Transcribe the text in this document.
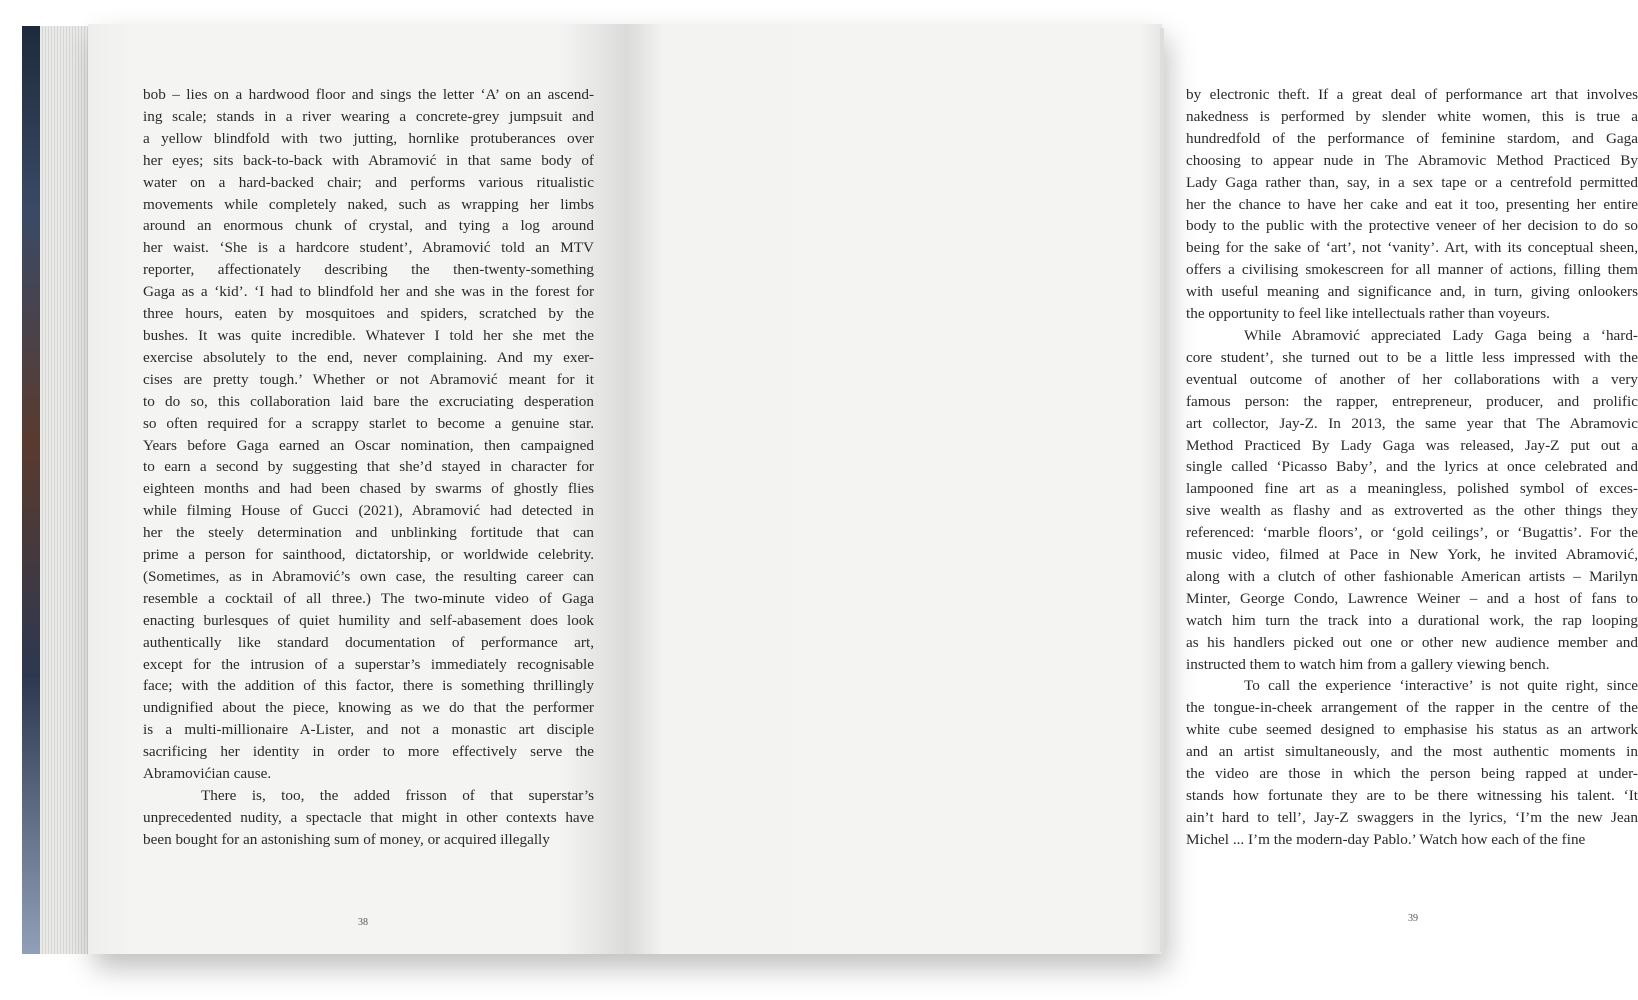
bob – lies on a hardwood floor and sings the letter ‘A’ on an ascend-
ing scale; stands in a river wearing a concrete-grey jumpsuit and
a yellow blindfold with two jutting, hornlike protuberances over
her eyes; sits back-to-back with Abramović in that same body of
water on a hard-backed chair; and performs various ritualistic
movements while completely naked, such as wrapping her limbs
around an enormous chunk of crystal, and tying a log around
her waist. ‘She is a hardcore student’, Abramović told an MTV
reporter, affectionately describing the then-twenty-something
Gaga as a ‘kid’. ‘I had to blindfold her and she was in the forest for
three hours, eaten by mosquitoes and spiders, scratched by the
bushes. It was quite incredible. Whatever I told her she met the
exercise absolutely to the end, never complaining. And my exer-
cises are pretty tough.’ Whether or not Abramović meant for it
to do so, this collaboration laid bare the excruciating desperation
so often required for a scrappy starlet to become a genuine star.
Years before Gaga earned an Oscar nomination, then campaigned
to earn a second by suggesting that she’d stayed in character for
eighteen months and had been chased by swarms of ghostly flies
while filming House of Gucci (2021), Abramović had detected in
her the steely determination and unblinking fortitude that can
prime a person for sainthood, dictatorship, or worldwide celebrity.
(Sometimes, as in Abramović’s own case, the resulting career can
resemble a cocktail of all three.) The two-minute video of Gaga
enacting burlesques of quiet humility and self-abasement does look
authentically like standard documentation of performance art,
except for the intrusion of a superstar’s immediately recognisable
face; with the addition of this factor, there is something thrillingly
undignified about the piece, knowing as we do that the performer
is a multi-millionaire A-Lister, and not a monastic art disciple
sacrificing her identity in order to more effectively serve the
Abramovićian cause.

There is, too, the added frisson of that superstar’s
unprecedented nudity, a spectacle that might in other contexts have
been bought for an astonishing sum of money, or acquired illegally

38

by electronic theft. If a great deal of performance art that involves
nakedness is performed by slender white women, this is true a
hundredfold of the performance of feminine stardom, and Gaga
choosing to appear nude in The Abramovic Method Practiced By
Lady Gaga rather than, say, in a sex tape or a centrefold permitted
her the chance to have her cake and eat it too, presenting her entire
body to the public with the protective veneer of her decision to do so
being for the sake of ‘art’, not ‘vanity’. Art, with its conceptual sheen,
offers a civilising smokescreen for all manner of actions, filling them
with useful meaning and significance and, in turn, giving onlookers
the opportunity to feel like intellectuals rather than voyeurs.

While Abramović appreciated Lady Gaga being a ‘hard-
core student’, she turned out to be a little less impressed with the
eventual outcome of another of her collaborations with a very
famous person: the rapper, entrepreneur, producer, and prolific
art collector, Jay-Z. In 2013, the same year that The Abramovic
Method Practiced By Lady Gaga was released, Jay-Z put out a
single called ‘Picasso Baby’, and the lyrics at once celebrated and
lampooned fine art as a meaningless, polished symbol of exces-
sive wealth as flashy and as extroverted as the other things they
referenced: ‘marble floors’, or ‘gold ceilings’, or ‘Bugattis’. For the
music video, filmed at Pace in New York, he invited Abramović,
along with a clutch of other fashionable American artists – Marilyn
Minter, George Condo, Lawrence Weiner – and a host of fans to
watch him turn the track into a durational work, the rap looping
as his handlers picked out one or other new audience member and
instructed them to watch him from a gallery viewing bench.

To call the experience ‘interactive’ is not quite right, since
the tongue-in-cheek arrangement of the rapper in the centre of the
white cube seemed designed to emphasise his status as an artwork
and an artist simultaneously, and the most authentic moments in
the video are those in which the person being rapped at under-
stands how fortunate they are to be there witnessing his talent. ‘It
ain’t hard to tell’, Jay-Z swaggers in the lyrics, ‘I’m the new Jean
Michel ... I’m the modern-day Pablo.’ Watch how each of the fine

39
